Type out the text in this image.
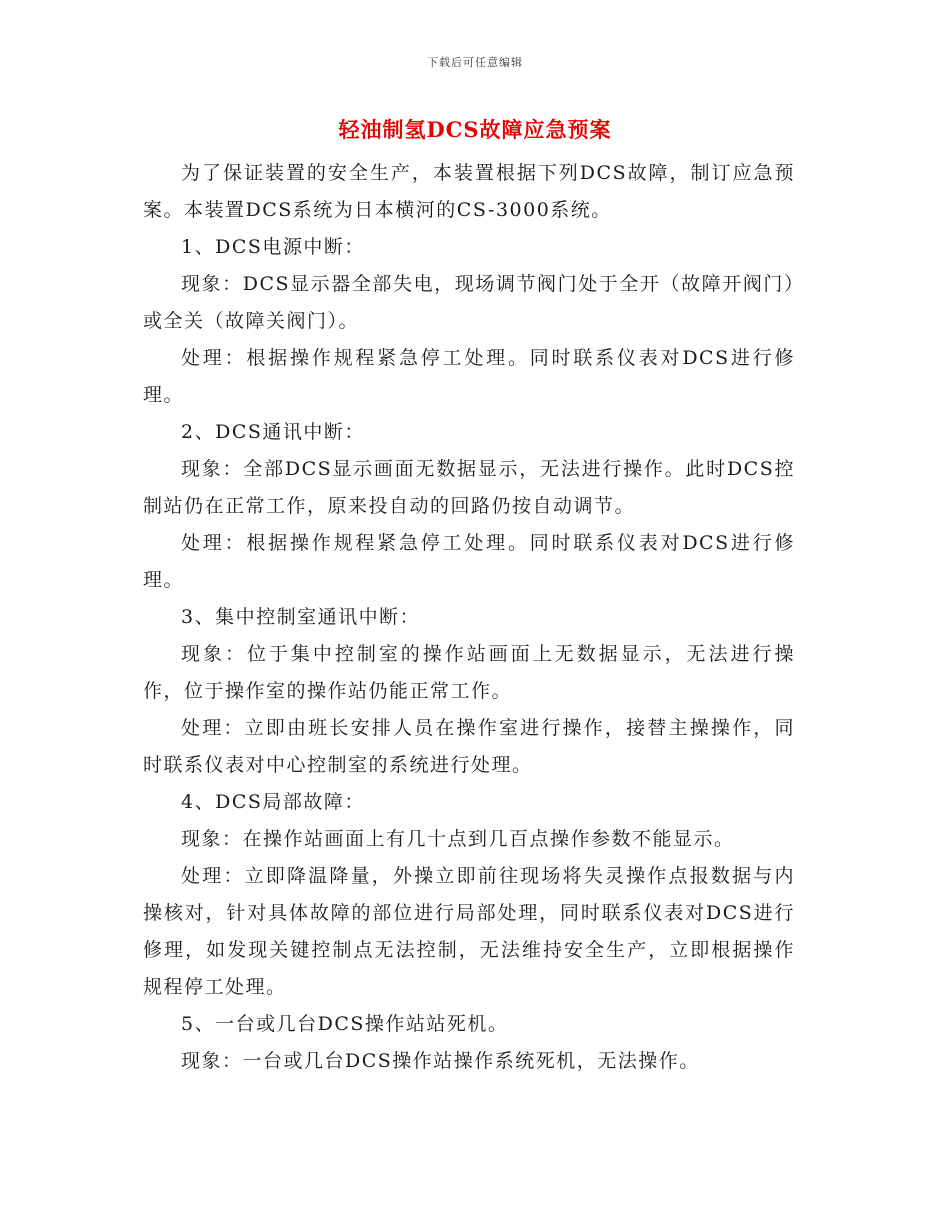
下载后可任意编辑
轻油制氢DCS故障应急预案

为了保证装置的安全生产，本装置根据下列DCS故障，制订应急预案。本装置DCS系统为日本横河的CS-3000系统。

1、DCS电源中断：

现象：DCS显示器全部失电，现场调节阀门处于全开（故障开阀门）或全关（故障关阀门）。

处理：根据操作规程紧急停工处理。同时联系仪表对DCS进行修理。

2、DCS通讯中断：

现象：全部DCS显示画面无数据显示，无法进行操作。此时DCS控制站仍在正常工作，原来投自动的回路仍按自动调节。

处理：根据操作规程紧急停工处理。同时联系仪表对DCS进行修理。

3、集中控制室通讯中断：

现象：位于集中控制室的操作站画面上无数据显示，无法进行操作，位于操作室的操作站仍能正常工作。

处理：立即由班长安排人员在操作室进行操作，接替主操操作，同时联系仪表对中心控制室的系统进行处理。

4、DCS局部故障：

现象：在操作站画面上有几十点到几百点操作参数不能显示。

处理：立即降温降量，外操立即前往现场将失灵操作点报数据与内操核对，针对具体故障的部位进行局部处理，同时联系仪表对DCS进行修理，如发现关键控制点无法控制，无法维持安全生产，立即根据操作规程停工处理。

5、一台或几台DCS操作站站死机。

现象：一台或几台DCS操作站操作系统死机，无法操作。
